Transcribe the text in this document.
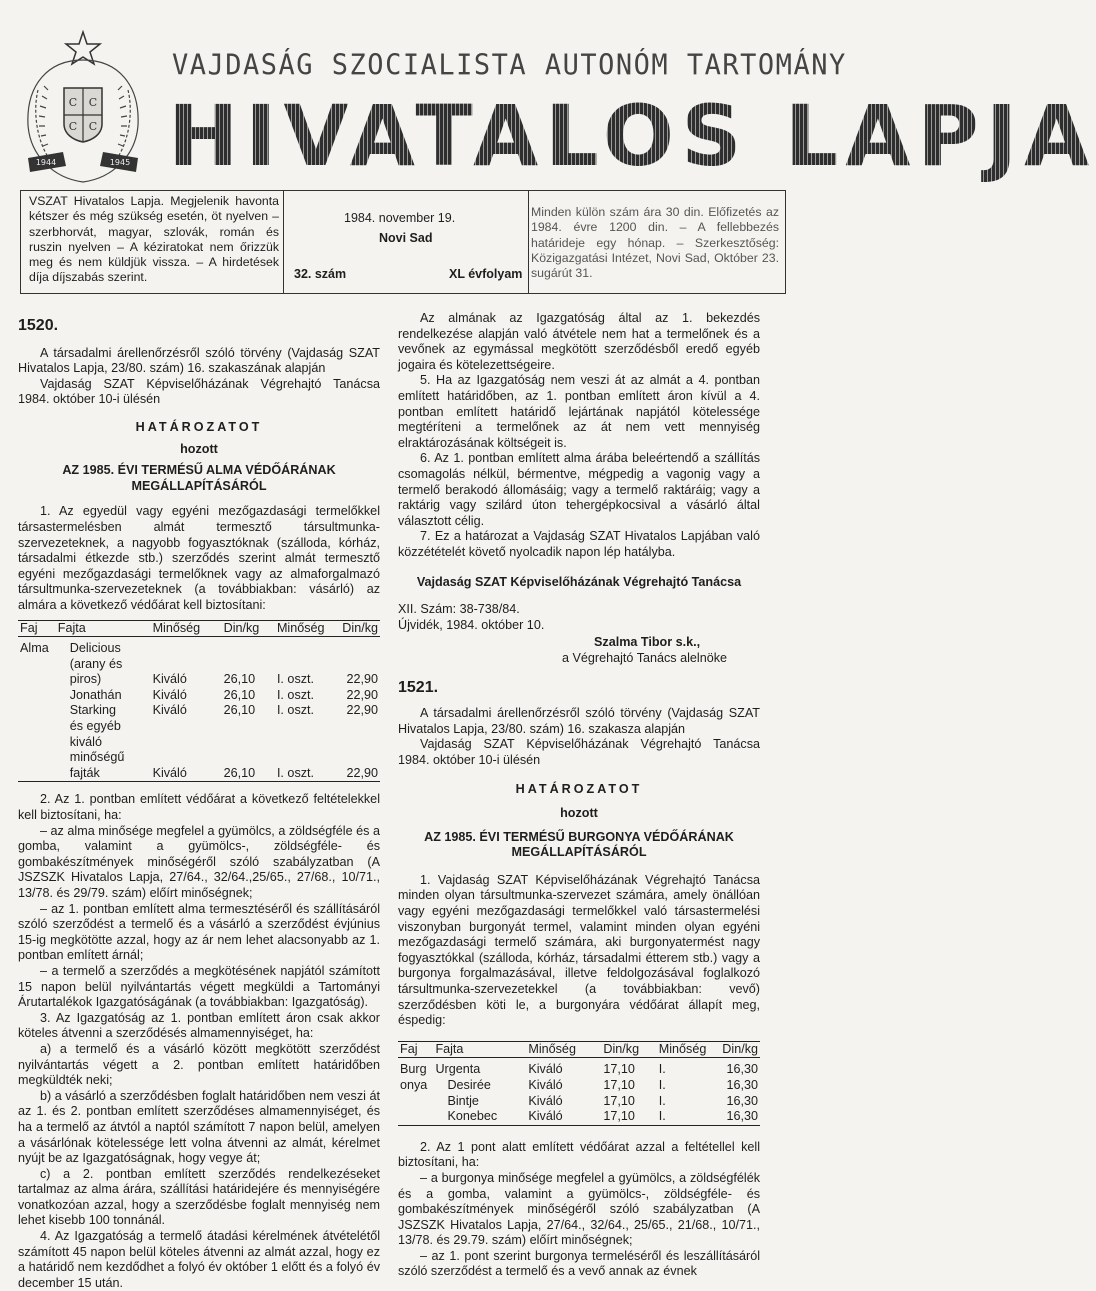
C C
C C
1944	1945
VAJDASÁG SZOCIALISTA AUTONÓM TARTOMÁNY
HIVATALOS LAPJA
VSZAT Hivatalos Lapja. Megjelenik havonta kétszer és még szükség esetén, öt nyelven – szerbhorvát, magyar, szlovák, román és ruszin nyelven – A kéziratokat nem őrizzük meg és nem küldjük vissza. – A hirdetések díja díjszabás szerint.
1984. november 19.
Novi Sad
32. szám	XL évfolyam
Minden külön szám ára 30 din. Előfizetés az 1984. évre 1200 din. – A fellebbezés határideje egy hónap. – Szerkesztőség: Közigazgatási Intézet, Novi Sad, Október 23. sugárút 31.

1520.

A társadalmi árellenőrzésről szóló törvény (Vajdaság SZAT Hivatalos Lapja, 23/80. szám) 16. szakaszának alapján

Vajdaság SZAT Képviselőházának Végrehajtó Tanácsa 1984. október 10-i ülésén

HATÁROZATOT

hozott

AZ 1985. ÉVI TERMÉSŰ ALMA VÉDŐÁRÁNAK MEGÁLLAPÍTÁSÁRÓL

1. Az egyedül vagy egyéni mezőgazdasági termelőkkel társastermelésben almát termesztő társultmunka-szervezeteknek, a nagyobb fogyasztóknak (szálloda, kórház, társadalmi étkezde stb.) szerződés szerint almát termesztő egyéni mezőgazdasági termelőknek vagy az almaforgalmazó társultmunka-szervezeteknek (a továbbiakban: vásárló) az almára a következő védőárat kell biztosítani:

Faj	Fajta	Minőség	Din/kg	Minőség	Din/kg

Alma	Delicious (arany és piros)	Kiváló	26,10	I. oszt.	22,90
	Jonathán	Kiváló	26,10	I. oszt.	22,90
	Starking	Kiváló	26,10	I. oszt.	22,90
	és egyéb kiváló minőségű fajták	Kiváló	26,10	I. oszt.	22,90

2. Az 1. pontban említett védőárat a következő feltételekkel kell biztosítani, ha:

– az alma minősége megfelel a gyümölcs, a zöldségféle és a gomba, valamint a gyümölcs-, zöldségféle- és gombakészítmények minőségéről szóló szabályzatban (A JSZSZK Hivatalos Lapja, 27/64., 32/64.,25/65., 27/68., 10/71., 13/78. és 29/79. szám) előírt minőségnek;

– az 1. pontban említett alma termesztéséről és szállításáról szóló szerződést a termelő és a vásárló a szerződést évjúnius 15-ig megkötötte azzal, hogy az ár nem lehet alacsonyabb az 1. pontban említett árnál;

– a termelő a szerződés a megkötésének napjától számított 15 napon belül nyilvántartás végett megküldi a Tartományi Árutartalékok Igazgatóságának (a továbbiakban: Igazgatóság).

3. Az Igazgatóság az 1. pontban említett áron csak akkor köteles átvenni a szerződésés almamennyiséget, ha:

a) a termelő és a vásárló között megkötött szerződést nyilvántartás végett a 2. pontban említett határidőben megküldték neki;

b) a vásárló a szerződésben foglalt határidőben nem veszi át az 1. és 2. pontban említett szerződéses almamennyiséget, és ha a termelő az átvtól a naptól számított 7 napon belül, amelyen a vásárlónak kötelessége lett volna átvenni az almát, kérelmet nyújt be az Igazgatóságnak, hogy vegye át;

c) a 2. pontban említett szerződés rendelkezéseket tartalmaz az alma árára, szállítási határidejére és mennyiségére vonatkozóan azzal, hogy a szerződésbe foglalt mennyiség nem lehet kisebb 100 tonnánál.

4. Az Igazgatóság a termelő átadási kérelmének átvételétől számított 45 napon belül köteles átvenni az almát azzal, hogy ez a határidő nem kezdődhet a folyó év október 1 előtt és a folyó év december 15 után.

Az almának az Igazgatóság által az 1. bekezdés rendelkezése alapján való átvétele nem hat a termelőnek és a vevőnek az egymással megkötött szerződésből eredő egyéb jogaira és kötelezettségeire.

5. Ha az Igazgatóság nem veszi át az almát a 4. pontban említett határidőben, az 1. pontban említett áron kívül a 4. pontban említett határidő lejártának napjától kötelessége megtéríteni a termelőnek az át nem vett mennyiség elraktározásának költségeit is.

6. Az 1. pontban említett alma árába beleértendő a szállítás csomagolás nélkül, bérmentve, mégpedig a vagonig vagy a termelő berakodó állomásáig; vagy a termelő raktáráig; vagy a raktárig vagy szilárd úton tehergépkocsival a vásárló által választott célig.

7. Ez a határozat a Vajdaság SZAT Hivatalos Lapjában való közzétételét követő nyolcadik napon lép hatályba.

Vajdaság SZAT Képviselőházának Végrehajtó Tanácsa

XII. Szám: 38-738/84.

Újvidék, 1984. október 10.

Szalma Tibor s.k.,

a Végrehajtó Tanács alelnöke

1521.

A társadalmi árellenőrzésről szóló törvény (Vajdaság SZAT Hivatalos Lapja, 23/80. szám) 16. szakasza alapján

Vajdaság SZAT Képviselőházának Végrehajtó Tanácsa 1984. október 10-i ülésén

HATÁROZATOT

hozott

AZ 1985. ÉVI TERMÉSŰ BURGONYA VÉDŐÁRÁNAK MEGÁLLAPÍTÁSÁRÓL

1. Vajdaság SZAT Képviselőházának Végrehajtó Tanácsa minden olyan társultmunka-szervezet számára, amely önállóan vagy egyéni mezőgazdasági termelőkkel való társastermelési viszonyban burgonyát termel, valamint minden olyan egyéni mezőgazdasági termelő számára, aki burgonyatermést nagy fogyasztókkal (szálloda, kórház, társadalmi étterem stb.) vagy a burgonya forgalmazásával, illetve feldolgozásával foglalkozó társultmunka-szervezetekkel (a továbbiakban: vevő) szerződésben köti le, a burgonyára védőárat állapít meg, éspedig:

Faj	Fajta	Minőség	Din/kg	Minőség	Din/kg

Burgonya	Urgenta	Kiváló	17,10	I.	16,30
	Desirée	Kiváló	17,10	I.	16,30
	Bintje	Kiváló	17,10	I.	16,30
	Konebec	Kiváló	17,10	I.	16,30

2. Az 1 pont alatt említett védőárat azzal a feltétellel kell biztosítani, ha:

– a burgonya minősége megfelel a gyümölcs, a zöldségfélék és a gomba, valamint a gyümölcs-, zöldségféle- és gombakészítmények minőségéről szóló szabályzatban (A JSZSZK Hivatalos Lapja, 27/64., 32/64., 25/65., 21/68., 10/71., 13/78. és 29.79. szám) előírt minőségnek;

– az 1. pont szerint burgonya termeléséről és leszállításáról szóló szerződést a termelő és a vevő annak az évnek
